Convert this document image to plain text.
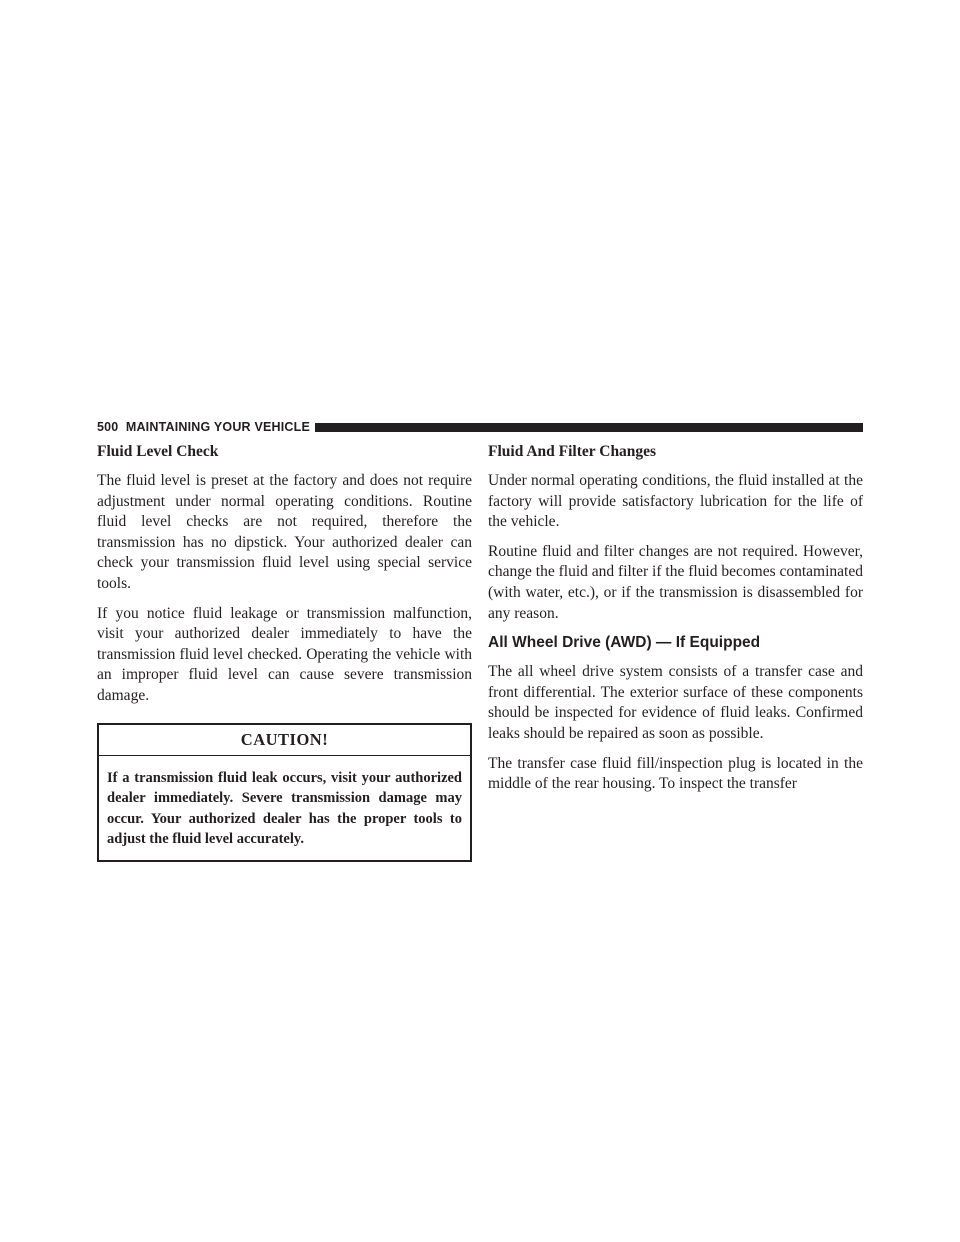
500 MAINTAINING YOUR VEHICLE
Fluid Level Check

The fluid level is preset at the factory and does not require adjustment under normal operating conditions. Routine fluid level checks are not required, therefore the transmission has no dipstick. Your authorized dealer can check your transmission fluid level using special service tools.

If you notice fluid leakage or transmission malfunction, visit your authorized dealer immediately to have the transmission fluid level checked. Operating the vehicle with an improper fluid level can cause severe transmission damage.

CAUTION!
If a transmission fluid leak occurs, visit your authorized dealer immediately. Severe transmission damage may occur. Your authorized dealer has the proper tools to adjust the fluid level accurately.
Fluid And Filter Changes

Under normal operating conditions, the fluid installed at the factory will provide satisfactory lubrication for the life of the vehicle.

Routine fluid and filter changes are not required. However, change the fluid and filter if the fluid becomes contaminated (with water, etc.), or if the transmission is disassembled for any reason.

All Wheel Drive (AWD) — If Equipped

The all wheel drive system consists of a transfer case and front differential. The exterior surface of these components should be inspected for evidence of fluid leaks. Confirmed leaks should be repaired as soon as possible.

The transfer case fluid fill/inspection plug is located in the middle of the rear housing. To inspect the transfer
